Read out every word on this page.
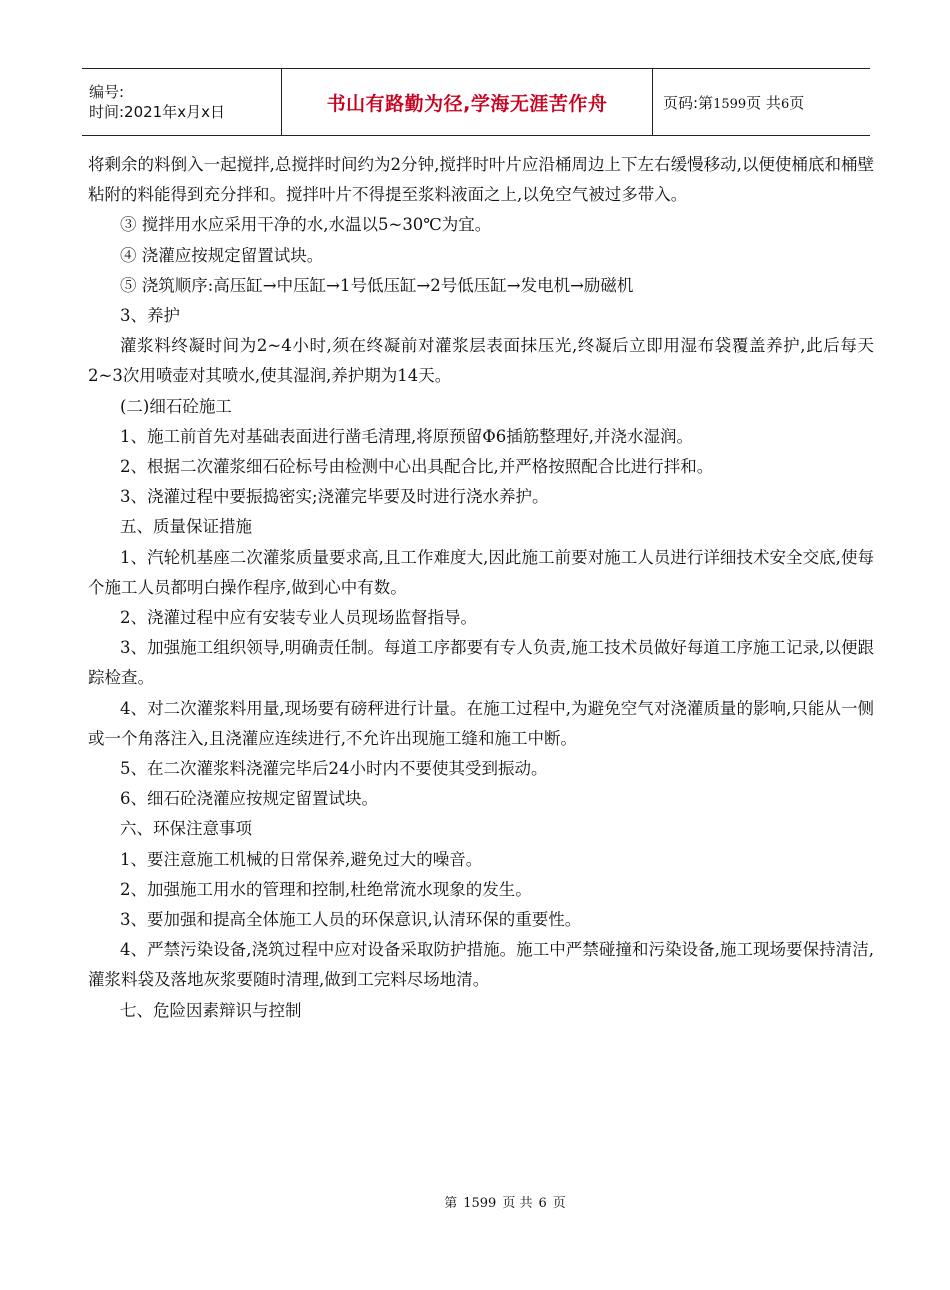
编号:
时间:2021年x月x日	书山有路勤为径,学海无涯苦作舟	页码:第1599页 共6页

将剩余的料倒入一起搅拌,总搅拌时间约为2分钟,搅拌时叶片应沿桶周边上下左右缓慢移动,以便使桶底和桶壁粘附的料能得到充分拌和。搅拌叶片不得提至浆料液面之上,以免空气被过多带入。

③ 搅拌用水应采用干净的水,水温以5~30℃为宜。

④ 浇灌应按规定留置试块。

⑤ 浇筑顺序:高压缸→中压缸→1号低压缸→2号低压缸→发电机→励磁机

3、养护

灌浆料终凝时间为2~4小时,须在终凝前对灌浆层表面抹压光,终凝后立即用湿布袋覆盖养护,此后每天2~3次用喷壶对其喷水,使其湿润,养护期为14天。

(二)细石砼施工

1、施工前首先对基础表面进行凿毛清理,将原预留Φ6插筋整理好,并浇水湿润。

2、根据二次灌浆细石砼标号由检测中心出具配合比,并严格按照配合比进行拌和。

3、浇灌过程中要振捣密实;浇灌完毕要及时进行浇水养护。

五、质量保证措施

1、汽轮机基座二次灌浆质量要求高,且工作难度大,因此施工前要对施工人员进行详细技术安全交底,使每个施工人员都明白操作程序,做到心中有数。

2、浇灌过程中应有安装专业人员现场监督指导。

3、加强施工组织领导,明确责任制。每道工序都要有专人负责,施工技术员做好每道工序施工记录,以便跟踪检查。

4、对二次灌浆料用量,现场要有磅秤进行计量。在施工过程中,为避免空气对浇灌质量的影响,只能从一侧或一个角落注入,且浇灌应连续进行,不允许出现施工缝和施工中断。

5、在二次灌浆料浇灌完毕后24小时内不要使其受到振动。

6、细石砼浇灌应按规定留置试块。

六、环保注意事项

1、要注意施工机械的日常保养,避免过大的噪音。

2、加强施工用水的管理和控制,杜绝常流水现象的发生。

3、要加强和提高全体施工人员的环保意识,认清环保的重要性。

4、严禁污染设备,浇筑过程中应对设备采取防护措施。施工中严禁碰撞和污染设备,施工现场要保持清洁,灌浆料袋及落地灰浆要随时清理,做到工完料尽场地清。

七、危险因素辩识与控制

第 1599 页 共 6 页
